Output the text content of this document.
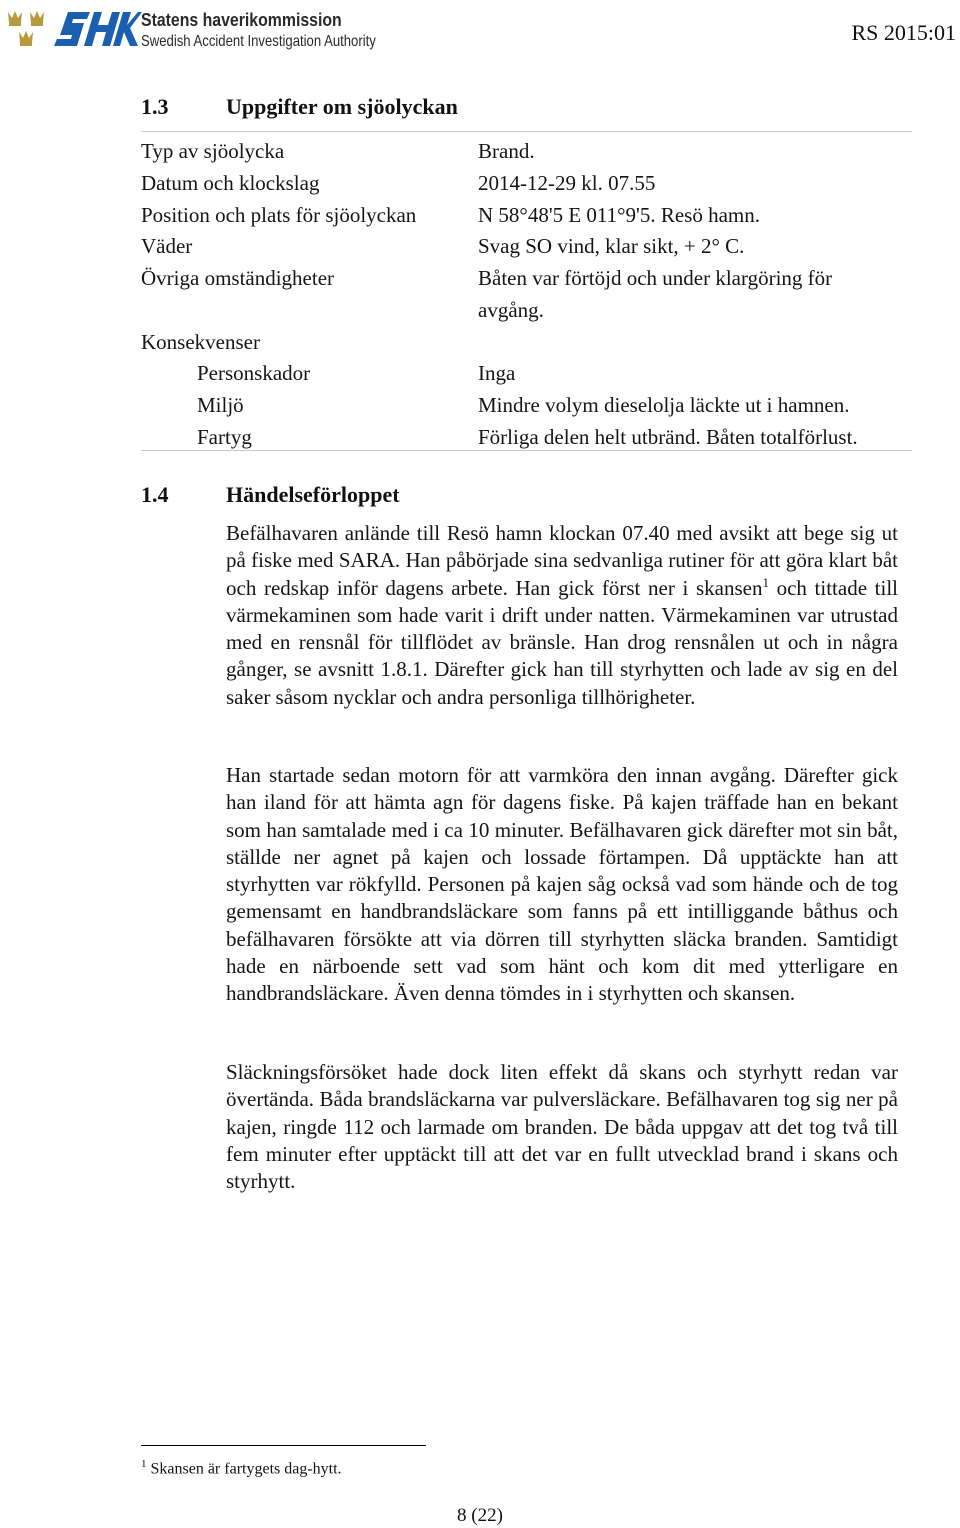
Statens haverikommission
Swedish Accident Investigation Authority	RS 2015:01
1.3	Uppgifter om sjöolyckan
Typ av sjöolycka	Brand.
Datum och klockslag	2014-12-29 kl. 07.55
Position och plats för sjöolyckan	N 58°48'5 E 011°9'5. Resö hamn.
Väder	Svag SO vind, klar sikt, + 2° C.
Övriga omständigheter	Båten var förtöjd och under klargöring för
avgång.
Konsekvenser
Personskador	Inga
Miljö	Mindre volym dieselolja läckte ut i hamnen.
Fartyg	Förliga delen helt utbränd. Båten totalförlust.
1.4	Händelseförloppet
Befälhavaren anlände till Resö hamn klockan 07.40 med avsikt att bege sig ut på fiske med SARA. Han påbörjade sina sedvanliga rutiner för att göra klart båt och redskap inför dagens arbete. Han gick först ner i skansen$^1$ och tittade till värmekaminen som hade varit i drift under natten. Värmekaminen var utrustad med en rensnål för tillflödet av bränsle. Han drog rensnålen ut och in några gånger, se avsnitt 1.8.1. Därefter gick han till styrhytten och lade av sig en del saker såsom nycklar och andra personliga tillhörigheter.
Han startade sedan motorn för att varmköra den innan avgång. Därefter gick han iland för att hämta agn för dagens fiske. På kajen träffade han en bekant som han samtalade med i ca 10 minuter. Befälhavaren gick därefter mot sin båt, ställde ner agnet på kajen och lossade förtampen. Då upptäckte han att styrhytten var rökfylld. Personen på kajen såg också vad som hände och de tog gemensamt en handbrandsläckare som fanns på ett intilliggande båthus och befälhavaren försökte att via dörren till styrhytten släcka branden. Samtidigt hade en närboende sett vad som hänt och kom dit med ytterligare en handbrandsläckare. Även denna tömdes in i styrhytten och skansen.
Släckningsförsöket hade dock liten effekt då skans och styrhytt redan var övertända. Båda brandsläckarna var pulversläckare. Befälhavaren tog sig ner på kajen, ringde 112 och larmade om branden. De båda uppgav att det tog två till fem minuter efter upptäckt till att det var en fullt utvecklad brand i skans och styrhytt.
$^1$ Skansen är fartygets dag-hytt.
8 (22)
